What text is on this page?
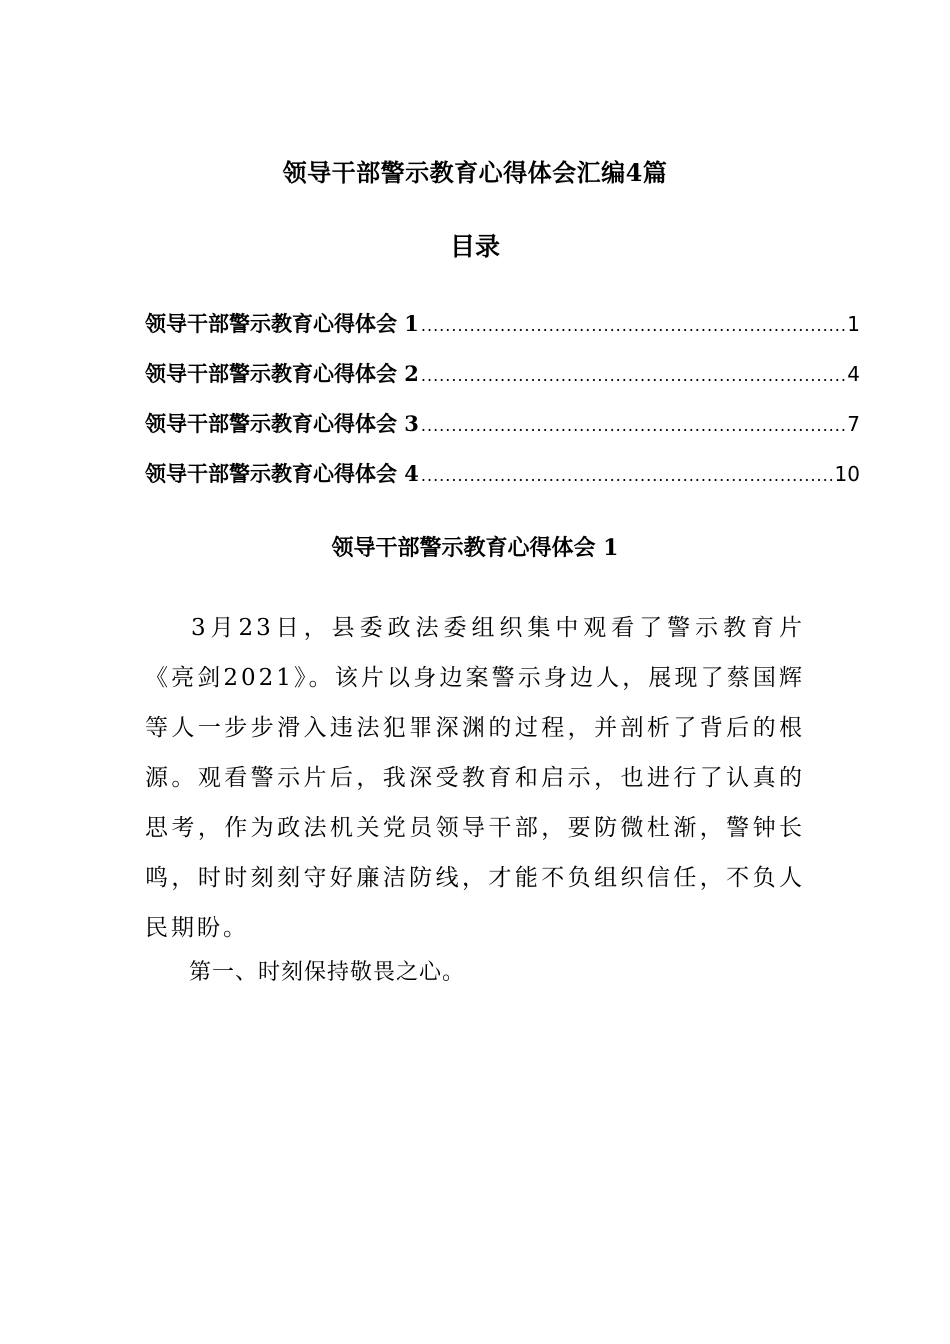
领导干部警示教育心得体会汇编4篇
目录
领导干部警示教育心得体会 1 .....	1
领导干部警示教育心得体会 2 .....	4
领导干部警示教育心得体会 3 .....	7
领导干部警示教育心得体会 4 .....	10
领导干部警示教育心得体会 1

3月23日，县委政法委组织集中观看了警示教育片《亮剑2021》。该片以身边案警示身边人，展现了蔡国辉等人一步步滑入违法犯罪深渊的过程，并剖析了背后的根源。观看警示片后，我深受教育和启示，也进行了认真的思考，作为政法机关党员领导干部，要防微杜渐，警钟长鸣，时时刻刻守好廉洁防线，才能不负组织信任，不负人民期盼。

第一、时刻保持敬畏之心。
